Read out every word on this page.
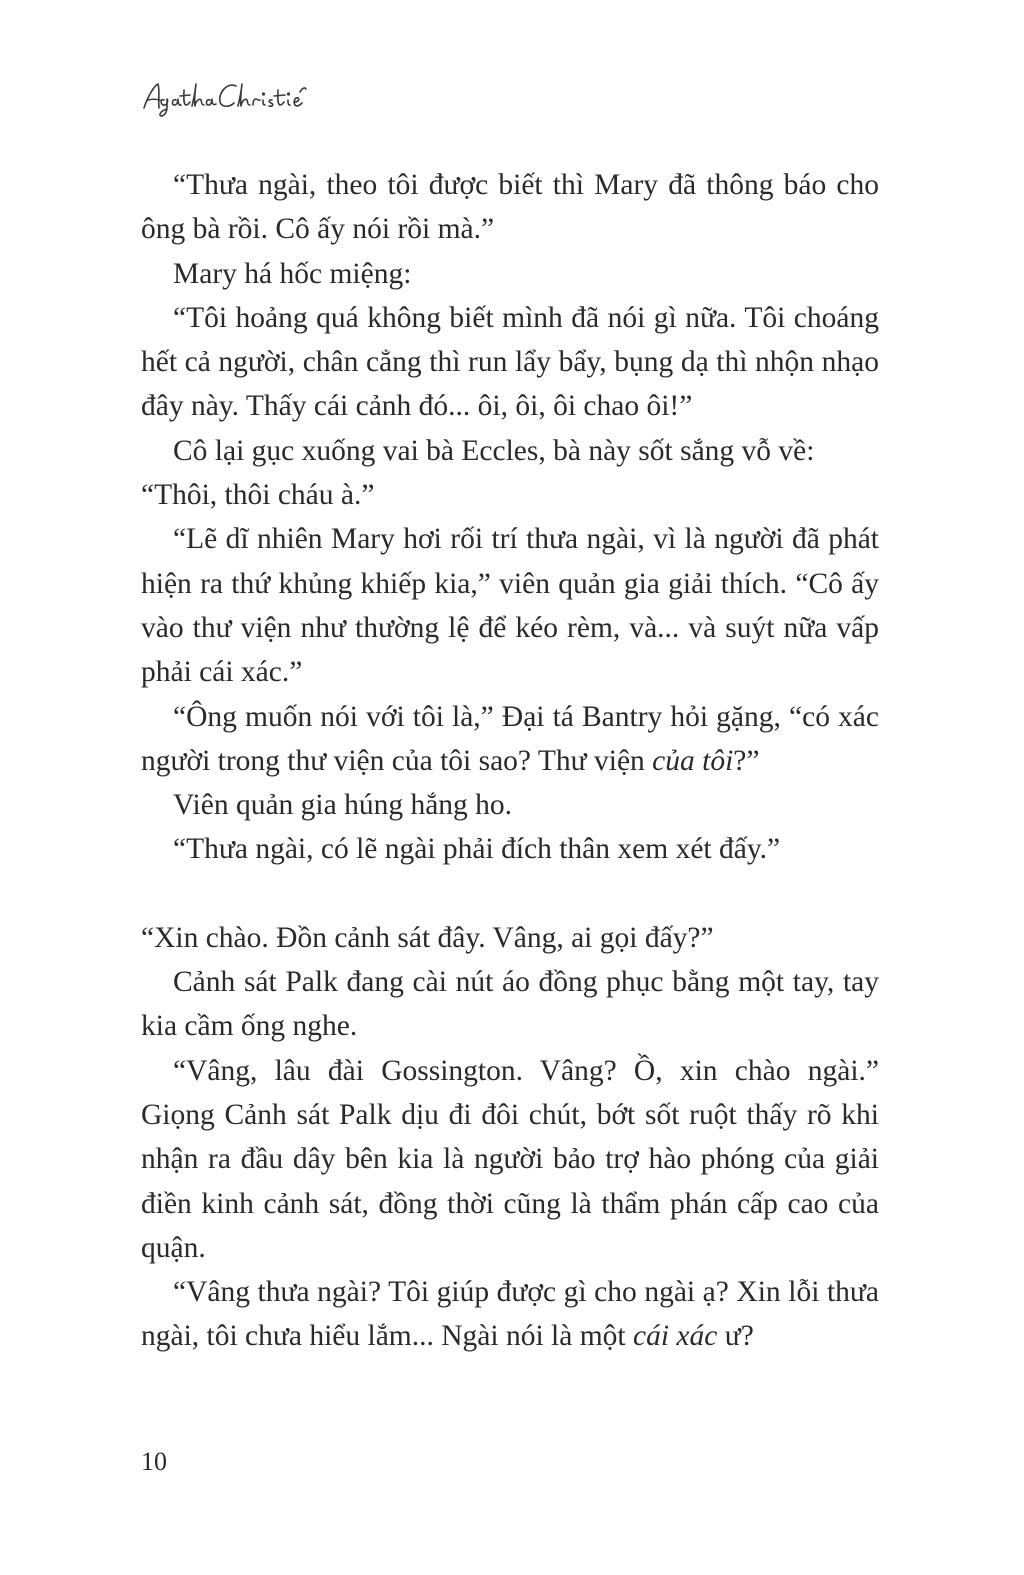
“Thưa ngài, theo tôi được biết thì Mary đã thông báo cho ông bà rồi. Cô ấy nói rồi mà.”

Mary há hốc miệng:

“Tôi hoảng quá không biết mình đã nói gì nữa. Tôi choáng hết cả người, chân cẳng thì run lẩy bẩy, bụng dạ thì nhộn nhạo đây này. Thấy cái cảnh đó... ôi, ôi, ôi chao ôi!”

Cô lại gục xuống vai bà Eccles, bà này sốt sắng vỗ về:

“Thôi, thôi cháu à.”

“Lẽ dĩ nhiên Mary hơi rối trí thưa ngài, vì là người đã phát hiện ra thứ khủng khiếp kia,” viên quản gia giải thích. “Cô ấy vào thư viện như thường lệ để kéo rèm, và... và suýt nữa vấp phải cái xác.”

“Ông muốn nói với tôi là,” Đại tá Bantry hỏi gặng, “có xác người trong thư viện của tôi sao? Thư viện của tôi?”

Viên quản gia húng hắng ho.

“Thưa ngài, có lẽ ngài phải đích thân xem xét đấy.”

“Xin chào. Đồn cảnh sát đây. Vâng, ai gọi đấy?”

Cảnh sát Palk đang cài nút áo đồng phục bằng một tay, tay kia cầm ống nghe.

“Vâng, lâu đài Gossington. Vâng? Ồ, xin chào ngài.” Giọng Cảnh sát Palk dịu đi đôi chút, bớt sốt ruột thấy rõ khi nhận ra đầu dây bên kia là người bảo trợ hào phóng của giải điền kinh cảnh sát, đồng thời cũng là thẩm phán cấp cao của quận.

“Vâng thưa ngài? Tôi giúp được gì cho ngài ạ? Xin lỗi thưa ngài, tôi chưa hiểu lắm... Ngài nói là một cái xác ư?

10
